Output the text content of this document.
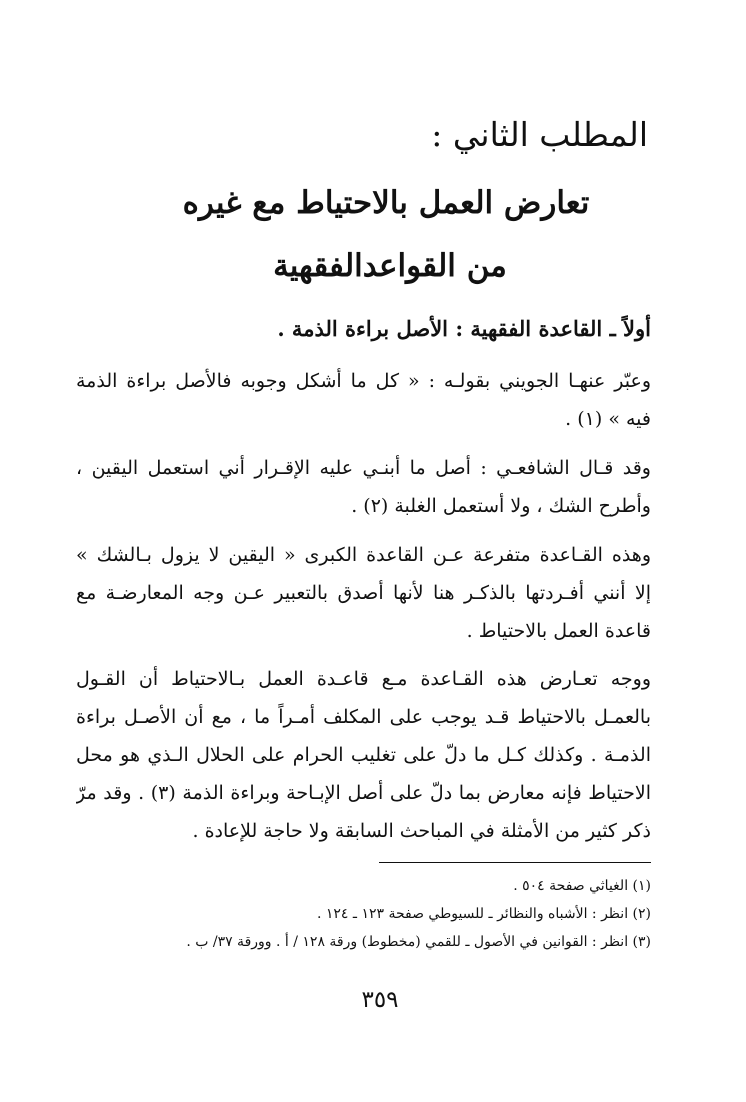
المطلب الثاني :
تعارض العمل بالاحتياط مع غيره
من القواعدالفقهية
أولاً ـ القاعدة الفقهية : الأصل براءة الذمة .
وعبّر عنهـا الجويني بقولـه : « كل ما أشكل وجوبه فالأصل براءة الذمة
فيه » (١) .
وقد قـال الشافعـي : أصل ما أبنـي عليه الإقـرار أني استعمل اليقين ،
وأطرح الشك ، ولا أستعمل الغلبة (٢) .
وهذه القـاعدة متفرعة عـن القاعدة الكبرى « اليقين لا يزول بـالشك »
إلا أنني أفـردتها بالذكـر هنا لأنها أصدق بالتعبير عـن وجه المعارضـة مع
قاعدة العمل بالاحتياط .
ووجه تعـارض هذه القـاعدة مـع قاعـدة العمل بـالاحتياط أن القـول
بالعمـل بالاحتياط قـد يوجب على المكلف أمـراً ما ، مع أن الأصـل براءة
الذمـة . وكذلك كـل ما دلّ على تغليب الحرام على الحلال الـذي هو محل
الاحتياط فإنه معارض بما دلّ على أصل الإبـاحة وبراءة الذمة (٣) . وقد مرّ
ذكر كثير من الأمثلة في المباحث السابقة ولا حاجة للإعادة .
(١) الغياثي صفحة ٥٠٤ .
(٢) انظر : الأشباه والنظائر ـ للسيوطي صفحة ١٢٣ ـ ١٢٤ .
(٣) انظر : القوانين في الأصول ـ للقمي (مخطوط) ورقة ١٢٨ / أ . وورقة ٣٧/ ب .
٣٥٩
